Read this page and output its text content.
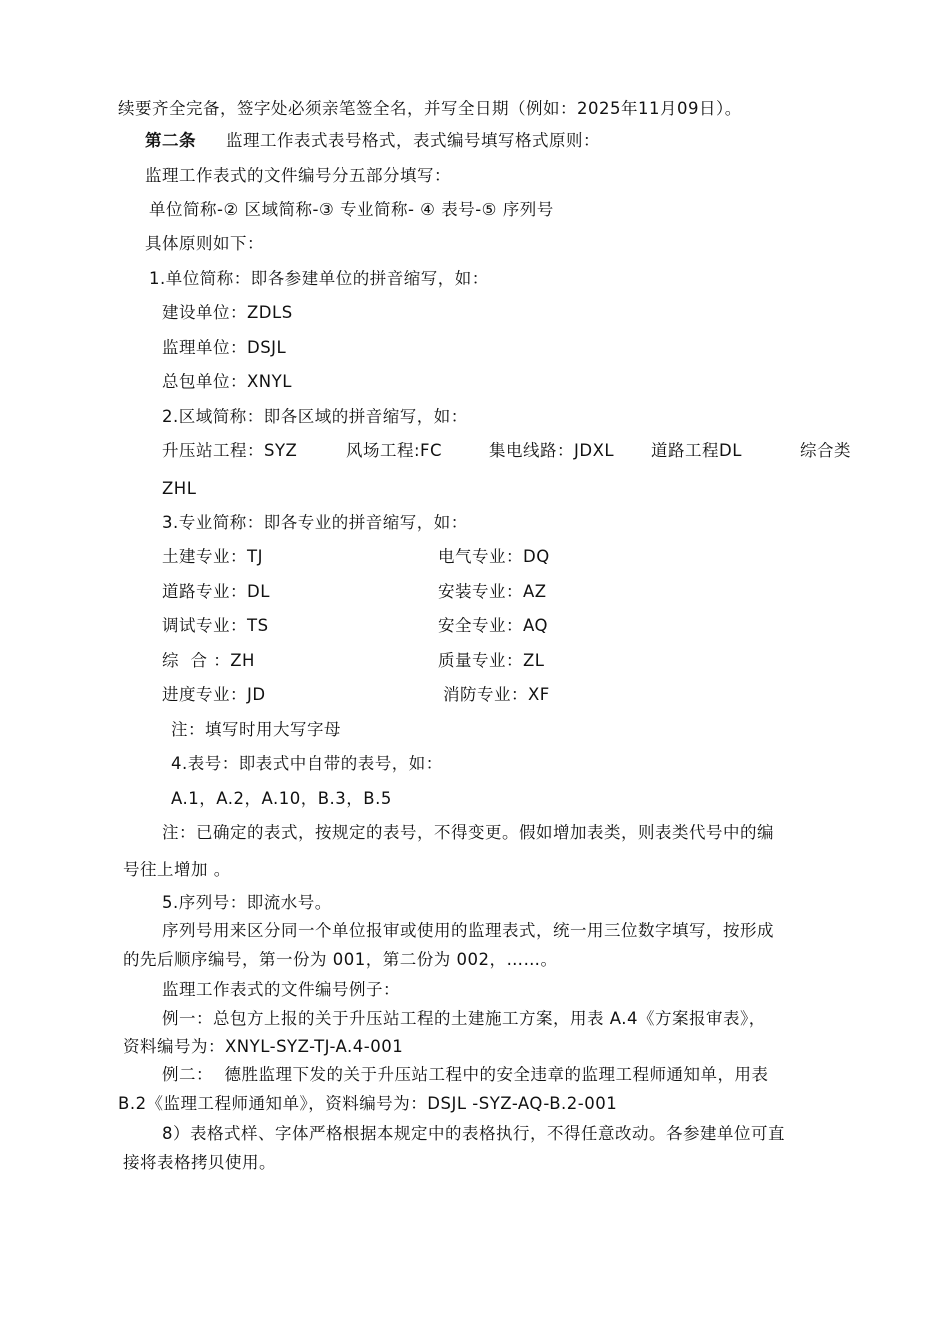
续要齐全完备，签字处必须亲笔签全名，并写全日期（例如：2025年11月09日）。
第二条 监理工作表式表号格式，表式编号填写格式原则：
监理工作表式的文件编号分五部分填写：
单位简称-② 区域简称-③ 专业简称- ④ 表号-⑤ 序列号
具体原则如下：
1.单位简称：即各参建单位的拼音缩写，如：
建设单位：ZDLS
监理单位：DSJL
总包单位：XNYL
2.区域简称：即各区域的拼音缩写，如：
升压站工程：SYZ	风场工程:FC	集电线路：JDXL 道路工程DL	综合类
ZHL
3.专业简称：即各专业的拼音缩写，如：
土建专业：TJ	电气专业：DQ
道路专业：DL	安装专业：AZ
调试专业：TS	安全专业：AQ
综  合 ：ZH	质量专业：ZL
进度专业：JD	消防专业：XF
注：填写时用大写字母
4.表号：即表式中自带的表号，如：
A.1，A.2，A.10，B.3，B.5
注：已确定的表式，按规定的表号，不得变更。假如增加表类，则表类代号中的编
号往上增加 。
5.序列号：即流水号。
序列号用来区分同一个单位报审或使用的监理表式，统一用三位数字填写，按形成
的先后顺序编号，第一份为 001，第二份为 002，……。
监理工作表式的文件编号例子：
例一：总包方上报的关于升压站工程的土建施工方案，用表 A.4《方案报审表》，
资料编号为：XNYL-SYZ-TJ-A.4-001
例二：  德胜监理下发的关于升压站工程中的安全违章的监理工程师通知单，用表
B.2《监理工程师通知单》，资料编号为：DSJL -SYZ-AQ-B.2-001
8）表格式样、字体严格根据本规定中的表格执行，不得任意改动。各参建单位可直
接将表格拷贝使用。
